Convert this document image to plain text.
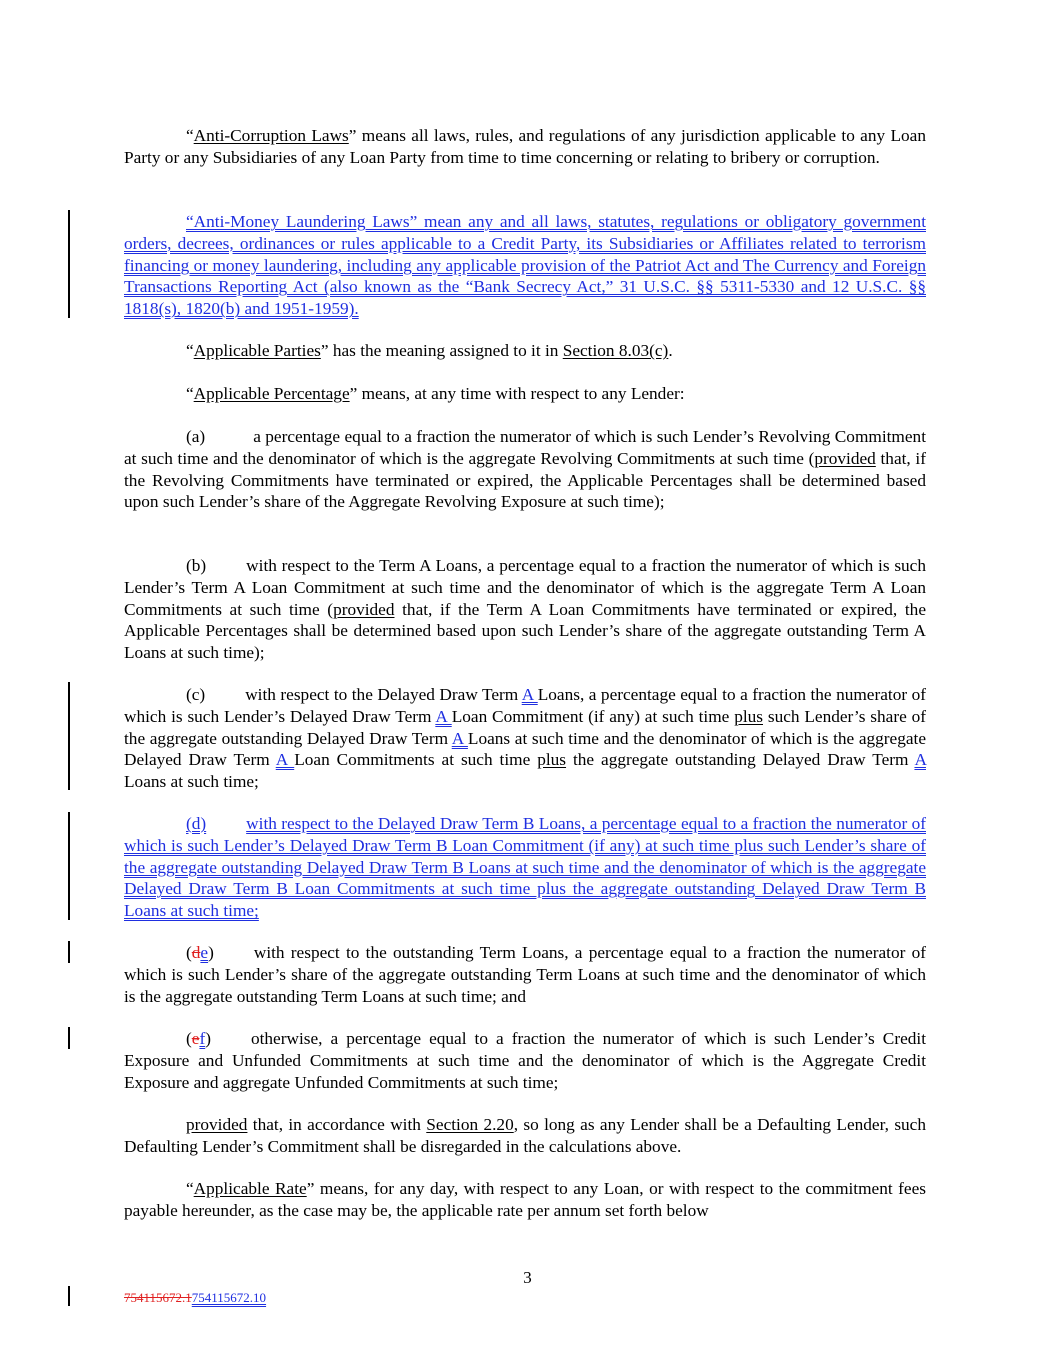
“Anti-Corruption Laws” means all laws, rules, and regulations of any jurisdiction applicable to any Loan Party or any Subsidiaries of any Loan Party from time to time concerning or relating to bribery or corruption.

“Anti-Money Laundering Laws” mean any and all laws, statutes, regulations or obligatory government orders, decrees, ordinances or rules applicable to a Credit Party, its Subsidiaries or Affiliates related to terrorism financing or money laundering, including any applicable provision of the Patriot Act and The Currency and Foreign Transactions Reporting Act (also known as the “Bank Secrecy Act,” 31 U.S.C. §§ 5311-5330 and 12 U.S.C. §§ 1818(s), 1820(b) and 1951-1959).

“Applicable Parties” has the meaning assigned to it in Section 8.03(c).

“Applicable Percentage” means, at any time with respect to any Lender:

(a)	a percentage equal to a fraction the numerator of which is such Lender’s Revolving Commitment at such time and the denominator of which is the aggregate Revolving Commitments at such time (provided that, if the Revolving Commitments have terminated or expired, the Applicable Percentages shall be determined based upon such Lender’s share of the Aggregate Revolving Exposure at such time);

(b) with respect to the Term A Loans, a percentage equal to a fraction the numerator of which is such Lender’s Term A Loan Commitment at such time and the denominator of which is the aggregate Term A Loan Commitments at such time (provided that, if the Term A Loan Commitments have terminated or expired, the Applicable Percentages shall be determined based upon such Lender’s share of the aggregate outstanding Term A Loans at such time);

(c) with respect to the Delayed Draw Term A Loans, a percentage equal to a fraction the numerator of which is such Lender’s Delayed Draw Term A Loan Commitment (if any) at such time plus such Lender’s share of the aggregate outstanding Delayed Draw Term A Loans at such time and the denominator of which is the aggregate Delayed Draw Term A Loan Commitments at such time plus the aggregate outstanding Delayed Draw Term A Loans at such time;

(d) with respect to the Delayed Draw Term B Loans, a percentage equal to a fraction the numerator of which is such Lender’s Delayed Draw Term B Loan Commitment (if any) at such time plus such Lender’s share of the aggregate outstanding Delayed Draw Term B Loans at such time and the denominator of which is the aggregate Delayed Draw Term B Loan Commitments at such time plus the aggregate outstanding Delayed Draw Term B Loans at such time;

(de) with respect to the outstanding Term Loans, a percentage equal to a fraction the numerator of which is such Lender’s share of the aggregate outstanding Term Loans at such time and the denominator of which is the aggregate outstanding Term Loans at such time; and

(ef) otherwise, a percentage equal to a fraction the numerator of which is such Lender’s Credit Exposure and Unfunded Commitments at such time and the denominator of which is the Aggregate Credit Exposure and aggregate Unfunded Commitments at such time;

provided that, in accordance with Section 2.20, so long as any Lender shall be a Defaulting Lender, such Defaulting Lender’s Commitment shall be disregarded in the calculations above.

“Applicable Rate” means, for any day, with respect to any Loan, or with respect to the commitment fees payable hereunder, as the case may be, the applicable rate per annum set forth below

3
754115672.1754115672.10
